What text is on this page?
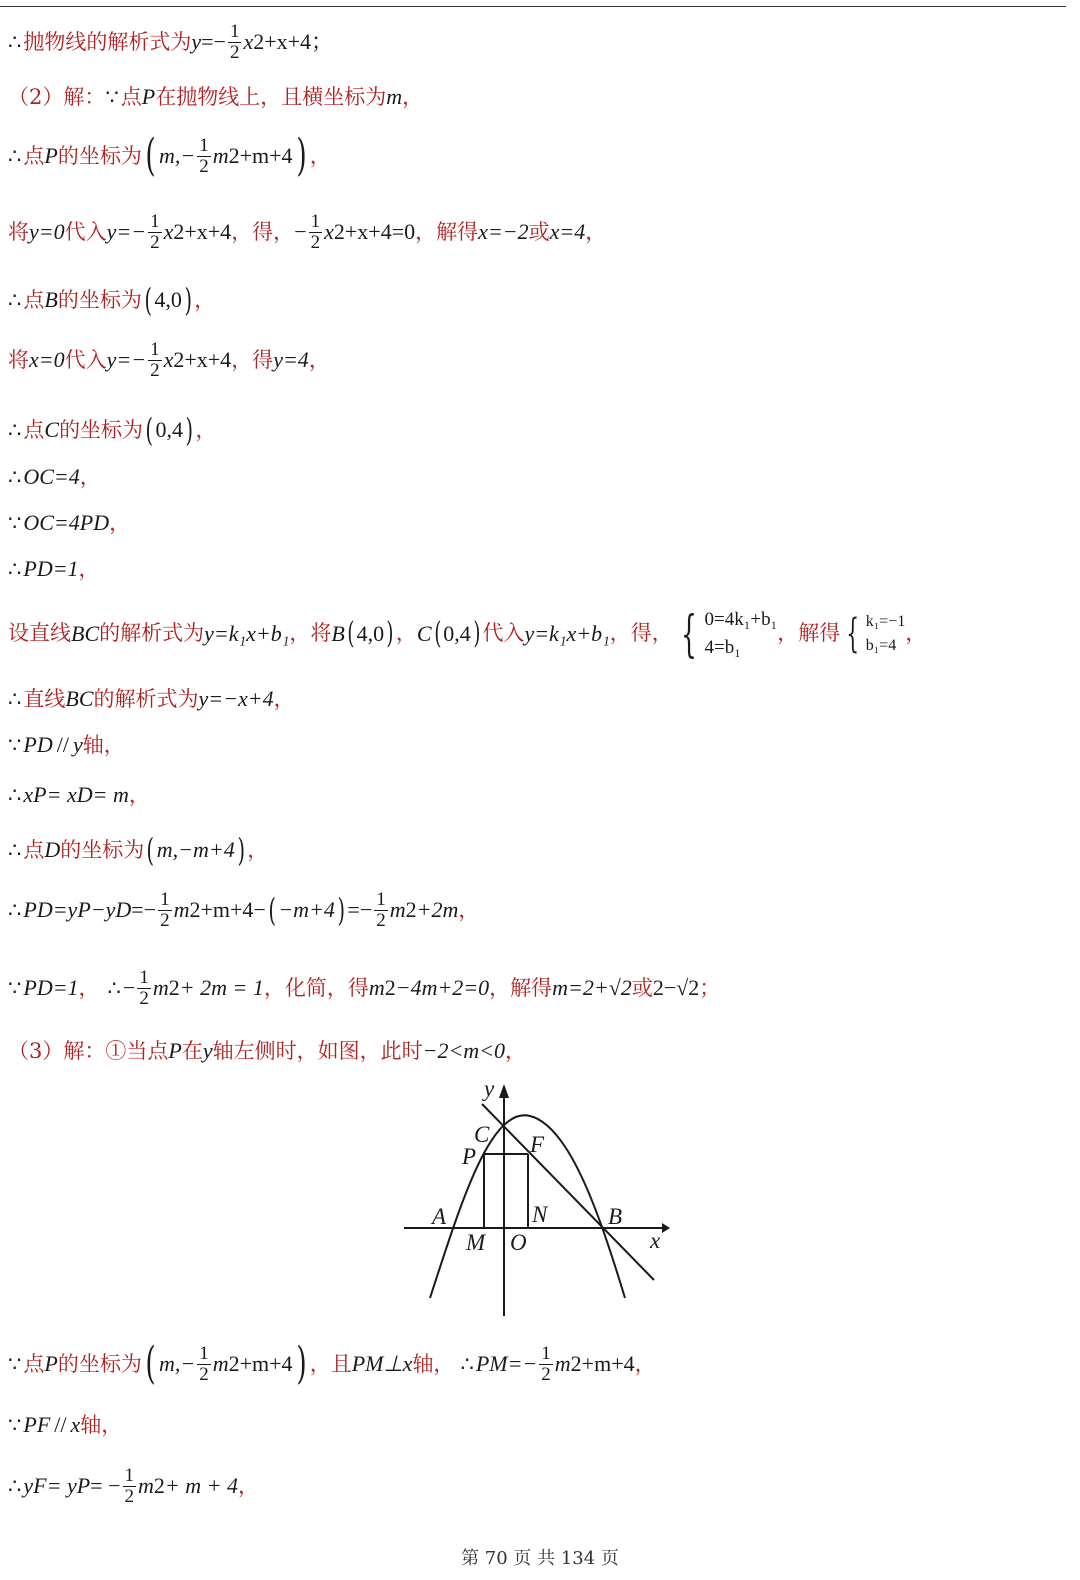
∴ 抛物线的解析式为 $y =- \frac{1}{2}$ x 2 +x+4；
（2）解： ∵ 点 P 在抛物线上，且横坐标为 m ，
∴ 点 P 的坐标为 ( $m,- \frac{1}{2}$ m 2 +m+4 ) ，
将 y=0 代入 $y=- \frac{1}{2}$ x 2 +x+4 ，得， − $\frac{1}{2}$ x 2 +x+4=0 ，解得 x=−2 或 x=4 ，
∴ 点 B 的坐标为 ( 4,0 ) ，
将 x=0 代入 $y=- \frac{1}{2}$ x 2 +x+4 ，得 y=4 ，
∴ 点 C 的坐标为 ( 0,4 ) ，
∴ OC=4 ，
∵ OC=4PD ，
∴ PD=1 ，
设直线 BC 的解析式为 y=k₁x+b₁ ，将 B ( 4,0 ) ， C ( 0,4 ) 代入 y=k₁x+b₁ ，得， { 0=4k₁+b₁
4=b₁
，解得 { k₁=−1
b₁=4 ，
∴ 直线 BC 的解析式为 y=−x+4 ，
∵ PD // y 轴，
∴ x P = x D = m ，
∴ 点 D 的坐标为 ( m,−m+4 ) ，
∴ PD=y P −y $D =- \frac{1}{2}$ m 2 +m+4− ( −m+4 ) =− $\frac{1}{2}$ m 2 +2m ，
∵ PD=1 ， ∴ − $\frac{1}{2}$ m 2 + 2m = 1 ，化简，得 m 2 −4m+2=0 ，解得 m=2+√2 或 2−√2 ；
（3）解：①当点 P 在 y 轴左侧时，如图，此时 −2<m<0 ，
y
x
C F
P
A	N	B
M O
∵ 点 P 的坐标为 ( $m,- \frac{1}{2}$ m 2 +m+4 ) ，且 PM⊥x 轴， ∴ $PM=- \frac{1}{2}$ m 2 +m+4 ，
∵ PF // x 轴，
∴ y F = y P = − $\frac{1}{2}$ m 2 + m + 4 ，
第 70 页 共 134 页
